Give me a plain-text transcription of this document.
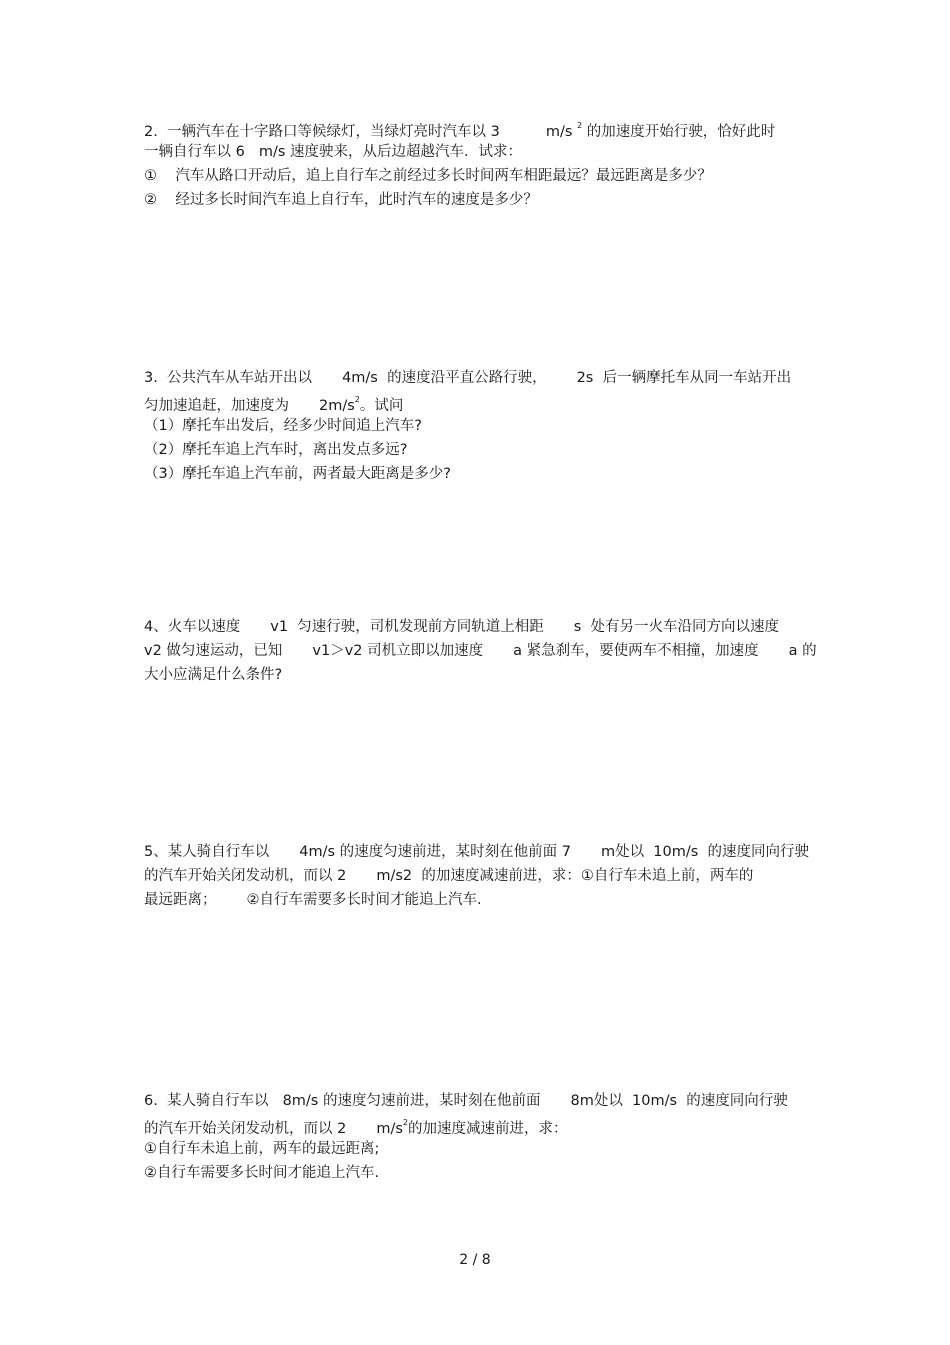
2.  一辆汽车在十字路口等候绿灯，当绿灯亮时汽车以 3	m/s $^2$ 的加速度开始行驶，恰好此时
一辆自行车以 6 m/s 速度驶来，从后边超越汽车．试求：
①    汽车从路口开动后，追上自行车之前经过多长时间两车相距最远？最远距离是多少？
②    经过多长时间汽车追上自行车，此时汽车的速度是多少？
3.  公共汽车从车站开出以 4m/s  的速度沿平直公路行驶， 2s  后一辆摩托车从同一车站开出
匀加速追赶，加速度为 $2m/s^2$。试问
（1）摩托车出发后，经多少时间追上汽车?
（2）摩托车追上汽车时，离出发点多远?
（3）摩托车追上汽车前，两者最大距离是多少?
4、火车以速度 v1  匀速行驶，司机发现前方同轨道上相距 s  处有另一火车沿同方向以速度
v2 做匀速运动，已知 v1＞v2 司机立即以加速度 a 紧急刹车，要使两车不相撞，加速度 a 的
大小应满足什么条件?
5、某人骑自行车以 4m/s 的速度匀速前进，某时刻在他前面 7 m处以  10m/s  的速度同向行驶
的汽车开始关闭发动机，而以 2 m/s2  的加速度减速前进，求：①自行车未追上前，两车的
最远距离； ②自行车需要多长时间才能追上汽车.
6.  某人骑自行车以 8m/s 的速度匀速前进，某时刻在他前面 8m处以  10m/s  的速度同向行驶
的汽车开始关闭发动机，而以 2 $m/s^2$的加速度减速前进，求：
①自行车未追上前，两车的最远距离;
②自行车需要多长时间才能追上汽车.
2 / 8
